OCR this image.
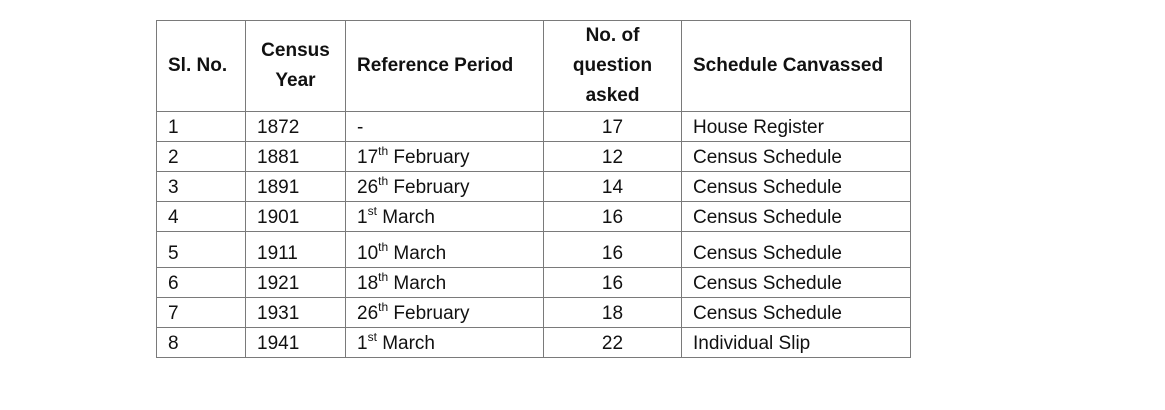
Sl. No.	Census Year	Reference Period	No. of question asked	Schedule Canvassed
1	1872	-	17	House Register
2	1881	17th February	12	Census Schedule
3	1891	26th February	14	Census Schedule
4	1901	1st March	16	Census Schedule
5	1911	10th March	16	Census Schedule
6	1921	18th March	16	Census Schedule
7	1931	26th February	18	Census Schedule
8	1941	1st March	22	Individual Slip
